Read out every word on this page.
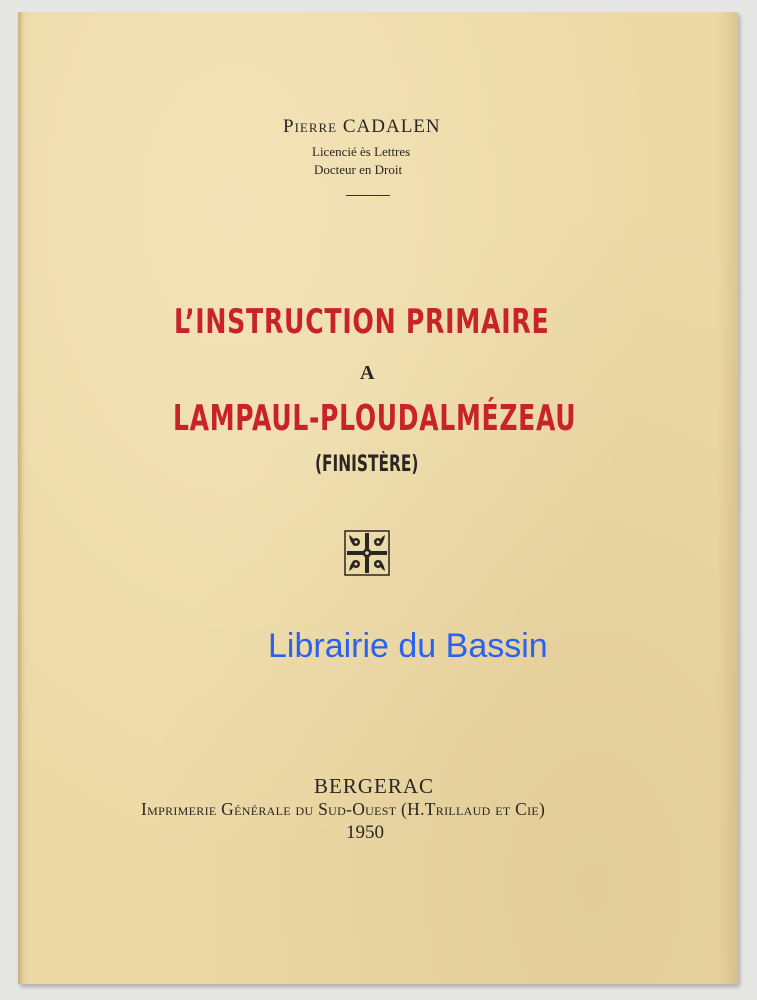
Pierre CADALEN
Licencié ès Lettres
Docteur en Droit
L’INSTRUCTION PRIMAIRE
A
LAMPAUL-PLOUDALMÉZEAU
(FINISTÈRE)
Librairie du Bassin
BERGERAC
Imprimerie Générale du Sud-Ouest (H.Trillaud et Cie)
1950
